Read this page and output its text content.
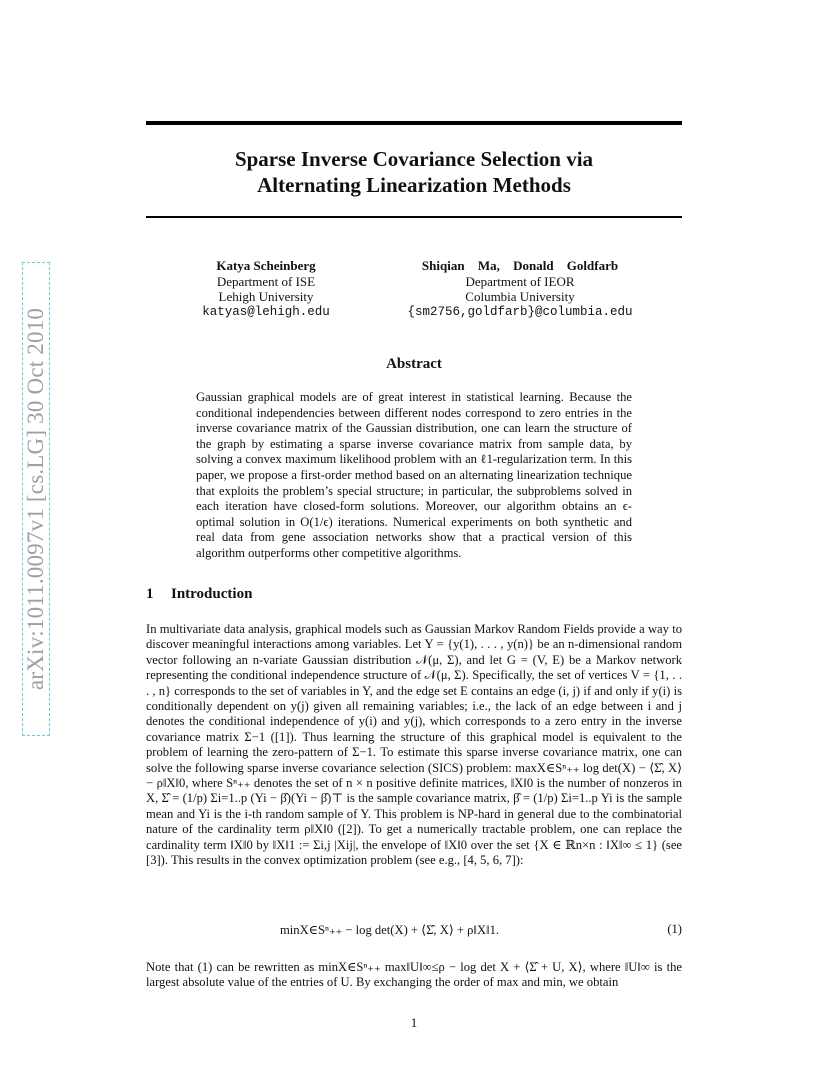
arXiv:1011.0097v1 [cs.LG] 30 Oct 2010
Sparse Inverse Covariance Selection via
Alternating Linearization Methods
Katya Scheinberg
Department of ISE
Lehigh University
katyas@lehigh.edu
Shiqian Ma, Donald Goldfarb
Department of IEOR
Columbia University
{sm2756,goldfarb}@columbia.edu
Abstract

Gaussian graphical models are of great interest in statistical learning. Because the conditional independencies between different nodes correspond to zero entries in the inverse covariance matrix of the Gaussian distribution, one can learn the structure of the graph by estimating a sparse inverse covariance matrix from sample data, by solving a convex maximum likelihood problem with an ℓ1-regularization term. In this paper, we propose a first-order method based on an alternating linearization technique that exploits the problem’s special structure; in particular, the subproblems solved in each iteration have closed-form solutions. Moreover, our algorithm obtains an ϵ-optimal solution in O(1/ϵ) iterations. Numerical experiments on both synthetic and real data from gene association networks show that a practical version of this algorithm outperforms other competitive algorithms.

1 Introduction

In multivariate data analysis, graphical models such as Gaussian Markov Random Fields provide a way to discover meaningful interactions among variables. Let Y = {y(1), . . . , y(n)} be an n-dimensional random vector following an n-variate Gaussian distribution 𝒩(μ, Σ), and let G = (V, E) be a Markov network representing the conditional independence structure of 𝒩(μ, Σ). Specifically, the set of vertices V = {1, . . . , n} corresponds to the set of variables in Y, and the edge set E contains an edge (i, j) if and only if y(i) is conditionally dependent on y(j) given all remaining variables; i.e., the lack of an edge between i and j denotes the conditional independence of y(i) and y(j), which corresponds to a zero entry in the inverse covariance matrix Σ−1 ([1]). Thus learning the structure of this graphical model is equivalent to the problem of learning the zero-pattern of Σ−1. To estimate this sparse inverse covariance matrix, one can solve the following sparse inverse covariance selection (SICS) problem: maxX∈Sⁿ₊₊ log det(X) − ⟨Σ̂, X⟩ − ρ‖X‖0, where Sⁿ₊₊ denotes the set of n × n positive definite matrices, ‖X‖0 is the number of nonzeros in X, Σ̂ = (1/p) Σi=1..p (Yi − β̂)(Yi − β̂)⊤ is the sample covariance matrix, β̂ = (1/p) Σi=1..p Yi is the sample mean and Yi is the i-th random sample of Y. This problem is NP-hard in general due to the combinatorial nature of the cardinality term ρ‖X‖0 ([2]). To get a numerically tractable problem, one can replace the cardinality term ‖X‖0 by ‖X‖1 := Σi,j |Xij|, the envelope of ‖X‖0 over the set {X ∈ ℝn×n : ‖X‖∞ ≤ 1} (see [3]). This results in the convex optimization problem (see e.g., [4, 5, 6, 7]):

minX∈Sⁿ₊₊ − log det(X) + ⟨Σ̂, X⟩ + ρ‖X‖1.	(1)

Note that (1) can be rewritten as minX∈Sⁿ₊₊ max‖U‖∞≤ρ − log det X + ⟨Σ̂ + U, X⟩, where ‖U‖∞ is the largest absolute value of the entries of U. By exchanging the order of max and min, we obtain

1
